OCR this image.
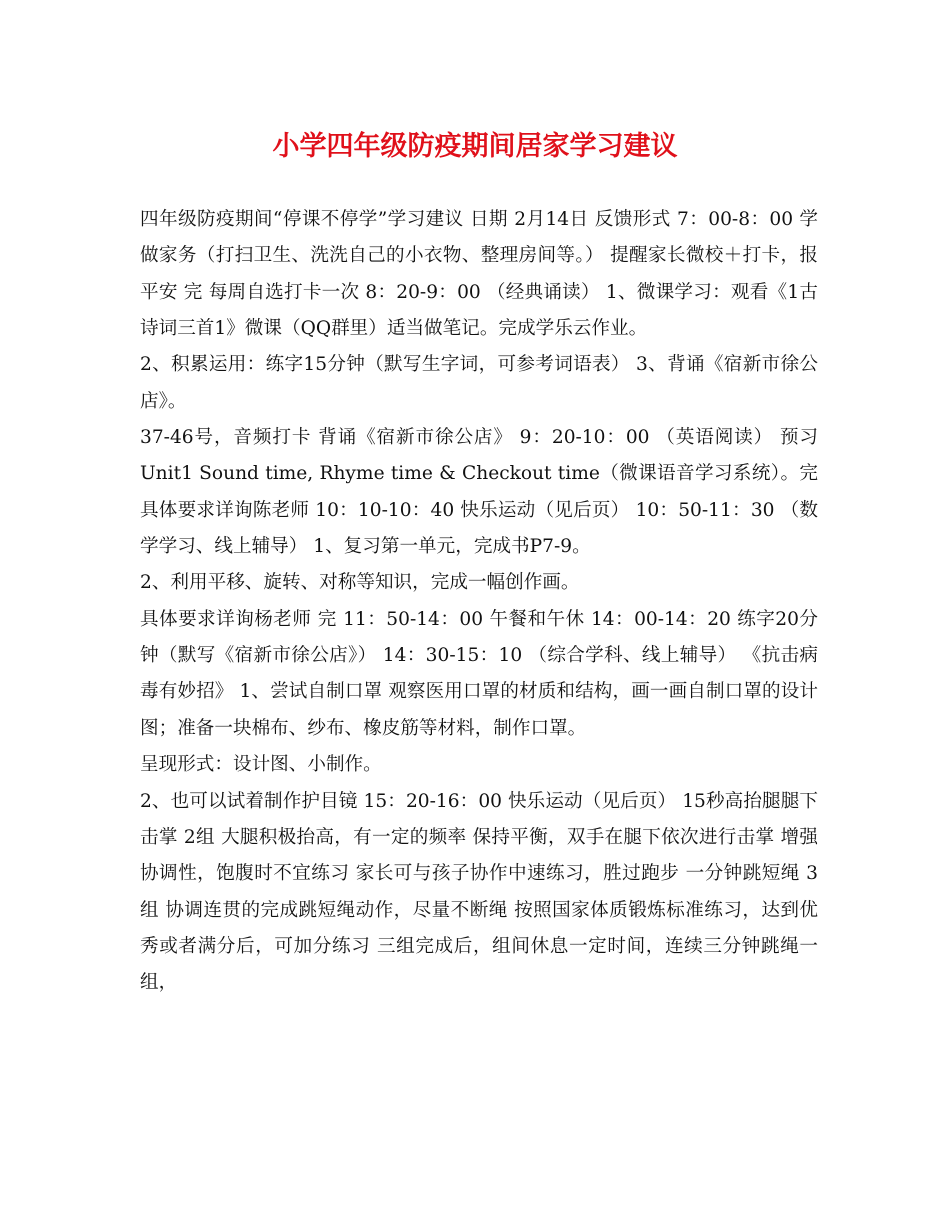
小学四年级防疫期间居家学习建议

四年级防疫期间“停课不停学”学习建议 日期 2月14日 反馈形式 7：00-8：00 学做家务（打扫卫生、洗洗自己的小衣物、整理房间等。） 提醒家长微校＋打卡，报平安 完 每周自选打卡一次 8：20-9：00 （经典诵读） 1、微课学习：观看《1古诗词三首1》微课（QQ群里）适当做笔记。完成学乐云作业。

2、积累运用：练字15分钟（默写生字词，可参考词语表） 3、背诵《宿新市徐公店》。

37-46号，音频打卡 背诵《宿新市徐公店》 9：20-10：00 （英语阅读） 预习Unit1 Sound time, Rhyme time & Checkout time（微课语音学习系统）。完 具体要求详询陈老师 10：10-10：40 快乐运动（见后页） 10：50-11：30 （数学学习、线上辅导） 1、复习第一单元，完成书P7-9。

2、利用平移、旋转、对称等知识，完成一幅创作画。

具体要求详询杨老师 完 11：50-14：00 午餐和午休 14：00-14：20 练字20分钟（默写《宿新市徐公店》） 14：30-15：10 （综合学科、线上辅导） 《抗击病毒有妙招》 1、尝试自制口罩 观察医用口罩的材质和结构，画一画自制口罩的设计图；准备一块棉布、纱布、橡皮筋等材料，制作口罩。

呈现形式：设计图、小制作。

2、也可以试着制作护目镜 15：20-16：00 快乐运动（见后页） 15秒高抬腿腿下击掌 2组 大腿积极抬高，有一定的频率 保持平衡，双手在腿下依次进行击掌 增强协调性，饱腹时不宜练习 家长可与孩子协作中速练习，胜过跑步 一分钟跳短绳 3组 协调连贯的完成跳短绳动作，尽量不断绳 按照国家体质锻炼标准练习，达到优秀或者满分后，可加分练习 三组完成后，组间休息一定时间，连续三分钟跳绳一组，
